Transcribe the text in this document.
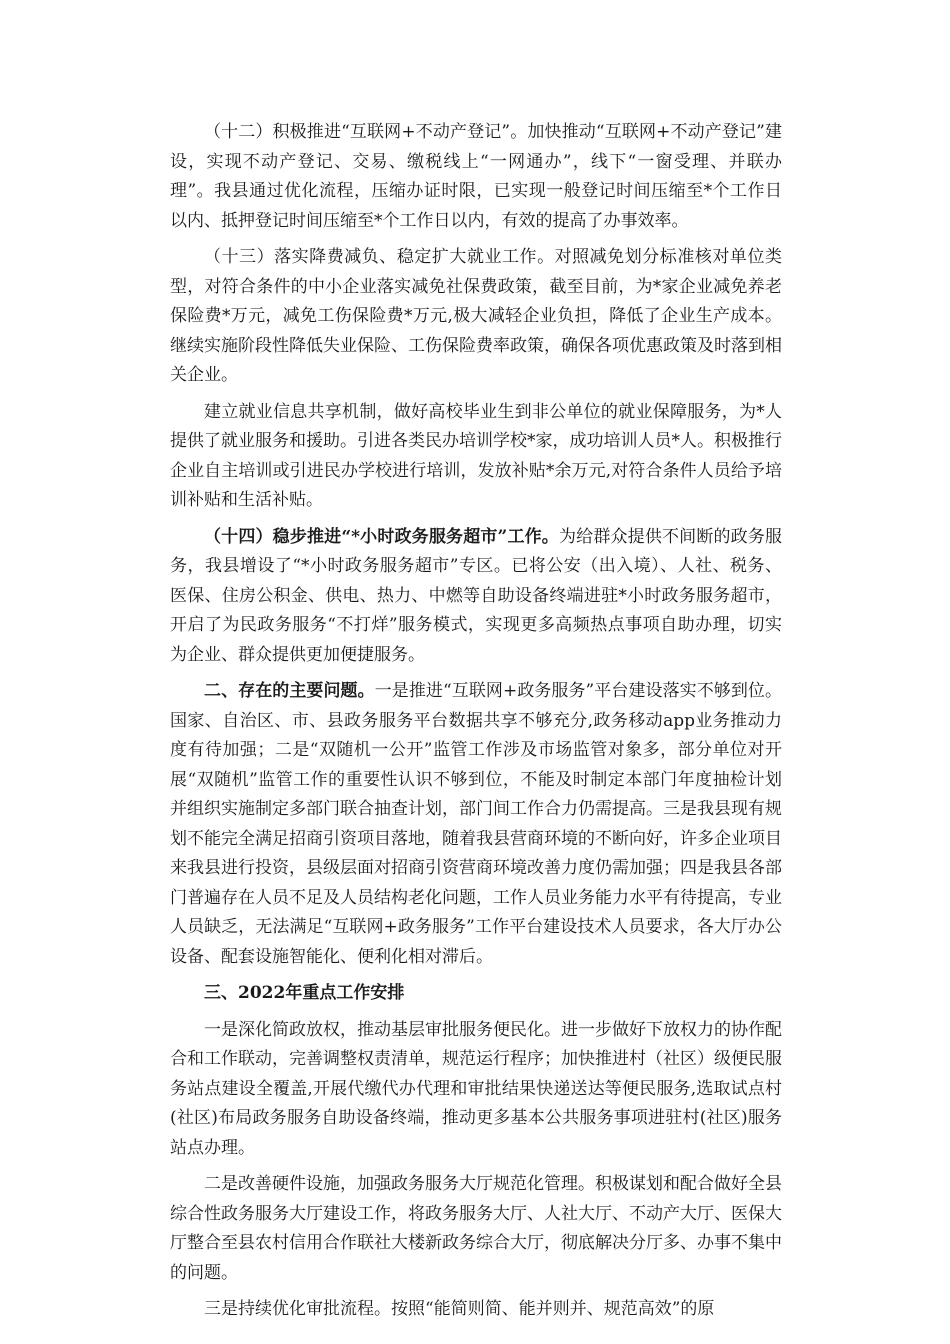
（十二）积极推进“互联网+不动产登记”。加快推动“互联网+不动产登记”建设，实现不动产登记、交易、缴税线上“一网通办”，线下“一窗受理、并联办理”。我县通过优化流程，压缩办证时限，已实现一般登记时间压缩至*个工作日以内、抵押登记时间压缩至*个工作日以内，有效的提高了办事效率。

（十三）落实降费减负、稳定扩大就业工作。对照减免划分标准核对单位类型，对符合条件的中小企业落实减免社保费政策，截至目前，为*家企业减免养老保险费*万元，减免工伤保险费*万元,极大减轻企业负担，降低了企业生产成本。继续实施阶段性降低失业保险、工伤保险费率政策，确保各项优惠政策及时落到相关企业。

建立就业信息共享机制，做好高校毕业生到非公单位的就业保障服务，为*人提供了就业服务和援助。引进各类民办培训学校*家，成功培训人员*人。积极推行企业自主培训或引进民办学校进行培训，发放补贴*余万元,对符合条件人员给予培训补贴和生活补贴。

（十四）稳步推进“*小时政务服务超市”工作。为给群众提供不间断的政务服务，我县增设了“*小时政务服务超市”专区。已将公安（出入境）、人社、税务、医保、住房公积金、供电、热力、中燃等自助设备终端进驻*小时政务服务超市，开启了为民政务服务“不打烊”服务模式，实现更多高频热点事项自助办理，切实为企业、群众提供更加便捷服务。

二、存在的主要问题。一是推进“互联网+政务服务”平台建设落实不够到位。国家、自治区、市、县政务服务平台数据共享不够充分,政务移动app业务推动力度有待加强；二是“双随机一公开”监管工作涉及市场监管对象多，部分单位对开展“双随机”监管工作的重要性认识不够到位，不能及时制定本部门年度抽检计划并组织实施制定多部门联合抽查计划，部门间工作合力仍需提高。三是我县现有规划不能完全满足招商引资项目落地，随着我县营商环境的不断向好，许多企业项目来我县进行投资，县级层面对招商引资营商环境改善力度仍需加强；四是我县各部门普遍存在人员不足及人员结构老化问题，工作人员业务能力水平有待提高，专业人员缺乏，无法满足“互联网+政务服务”工作平台建设技术人员要求，各大厅办公设备、配套设施智能化、便利化相对滞后。

三、2022年重点工作安排

一是深化简政放权，推动基层审批服务便民化。进一步做好下放权力的协作配合和工作联动，完善调整权责清单，规范运行程序；加快推进村（社区）级便民服务站点建设全覆盖,开展代缴代办代理和审批结果快递送达等便民服务,选取试点村(社区)布局政务服务自助设备终端，推动更多基本公共服务事项进驻村(社区)服务站点办理。

二是改善硬件设施，加强政务服务大厅规范化管理。积极谋划和配合做好全县综合性政务服务大厅建设工作，将政务服务大厅、人社大厅、不动产大厅、医保大厅整合至县农村信用合作联社大楼新政务综合大厅，彻底解决分厅多、办事不集中的问题。

三是持续优化审批流程。按照“能简则简、能并则并、规范高效”的原
